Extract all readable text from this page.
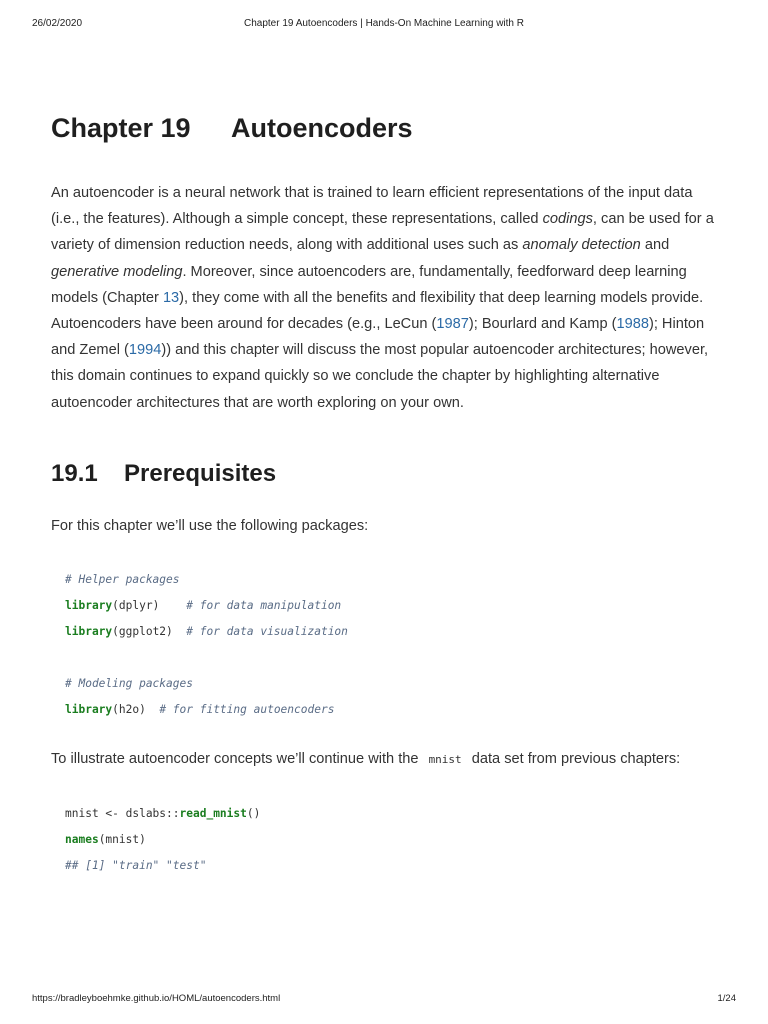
26/02/2020	Chapter 19 Autoencoders | Hands-On Machine Learning with R
Chapter 19 Autoencoders

An autoencoder is a neural network that is trained to learn efficient representations of the input data (i.e., the features). Although a simple concept, these representations, called codings, can be used for a variety of dimension reduction needs, along with additional uses such as anomaly detection and generative modeling. Moreover, since autoencoders are, fundamentally, feedforward deep learning models (Chapter 13), they come with all the benefits and flexibility that deep learning models provide. Autoencoders have been around for decades (e.g., LeCun (1987); Bourlard and Kamp (1988); Hinton and Zemel (1994)) and this chapter will discuss the most popular autoencoder architectures; however, this domain continues to expand quickly so we conclude the chapter by highlighting alternative autoencoder architectures that are worth exploring on your own.

19.1 Prerequisites

For this chapter we’ll use the following packages:

# Helper packages
library(dplyr)    # for data manipulation
library(ggplot2)  # for data visualization
# Modeling packages
library(h2o)  # for fitting autoencoders

To illustrate autoencoder concepts we’ll continue with the mnist data set from previous chapters:

mnist <- dslabs::read_mnist()
names(mnist)
## [1] "train" "test"
https://bradleyboehmke.github.io/HOML/autoencoders.html	1/24
